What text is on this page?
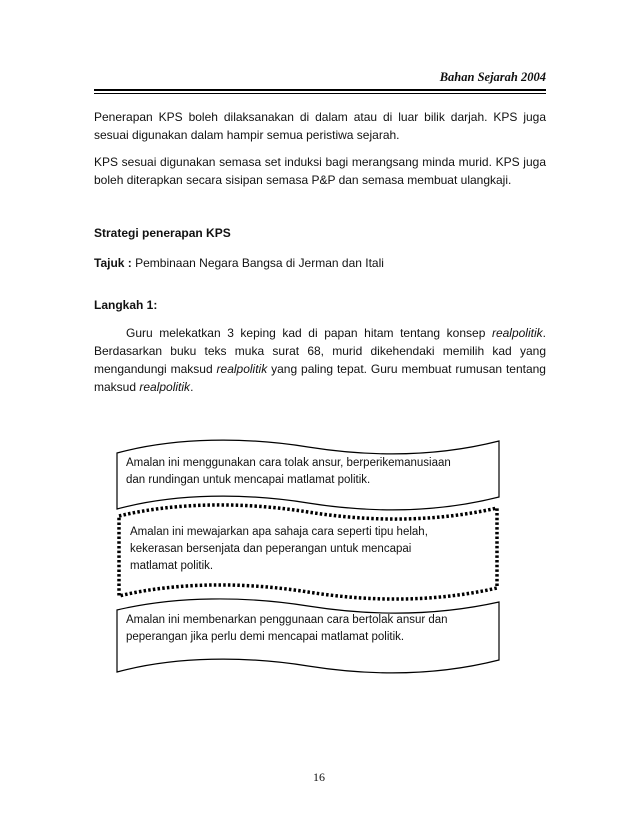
Bahan Sejarah 2004

Penerapan KPS boleh dilaksanakan di dalam atau di luar bilik darjah. KPS juga sesuai digunakan dalam hampir semua peristiwa sejarah.

KPS sesuai digunakan semasa set induksi bagi merangsang minda murid. KPS juga boleh diterapkan secara sisipan semasa P&P dan semasa membuat ulangkaji.

Strategi penerapan KPS

Tajuk : Pembinaan Negara Bangsa di Jerman dan Itali

Langkah 1:

Guru melekatkan 3 keping kad di papan hitam tentang konsep realpolitik. Berdasarkan buku teks muka surat 68, murid dikehendaki memilih kad yang mengandungi maksud realpolitik yang paling tepat. Guru membuat rumusan tentang maksud realpolitik.

Amalan ini menggunakan cara tolak ansur, berperikemanusiaan
dan rundingan untuk mencapai matlamat politik.
Amalan ini mewajarkan apa sahaja cara seperti tipu helah,
kekerasan bersenjata dan peperangan untuk mencapai
matlamat politik.
Amalan ini membenarkan penggunaan cara bertolak ansur dan
peperangan jika perlu demi mencapai matlamat politik.
16
